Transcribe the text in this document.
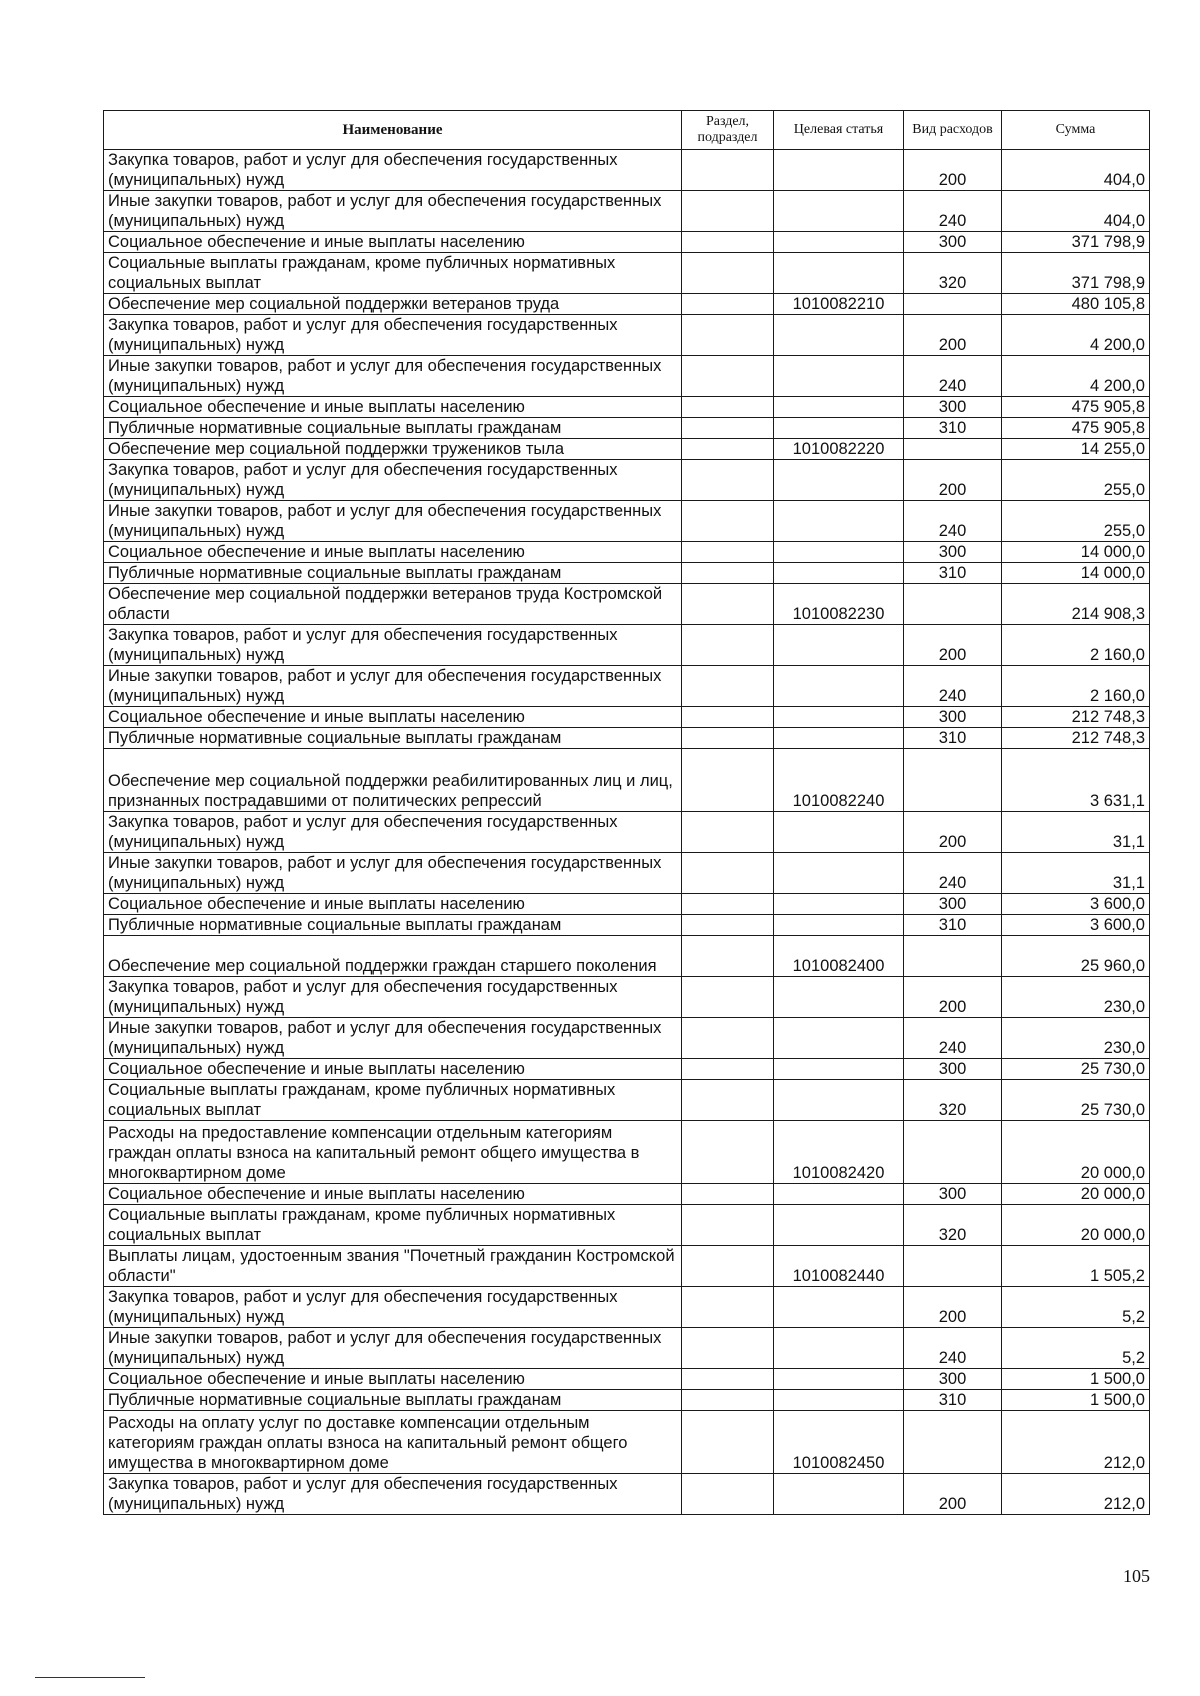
Наименование	Раздел, подраздел	Целевая статья	Вид расходов	Сумма
Закупка товаров, работ и услуг для обеспечения государственных (муниципальных) нужд			200	404,0
Иные закупки товаров, работ и услуг для обеспечения государственных (муниципальных) нужд			240	404,0
Социальное обеспечение и иные выплаты населению			300	371 798,9
Социальные выплаты гражданам, кроме публичных нормативных социальных выплат			320	371 798,9
Обеспечение мер социальной поддержки ветеранов труда		1010082210		480 105,8
Закупка товаров, работ и услуг для обеспечения государственных (муниципальных) нужд			200	4 200,0
Иные закупки товаров, работ и услуг для обеспечения государственных (муниципальных) нужд			240	4 200,0
Социальное обеспечение и иные выплаты населению			300	475 905,8
Публичные нормативные социальные выплаты гражданам			310	475 905,8
Обеспечение мер социальной поддержки тружеников тыла		1010082220		14 255,0
Закупка товаров, работ и услуг для обеспечения государственных (муниципальных) нужд			200	255,0
Иные закупки товаров, работ и услуг для обеспечения государственных (муниципальных) нужд			240	255,0
Социальное обеспечение и иные выплаты населению			300	14 000,0
Публичные нормативные социальные выплаты гражданам			310	14 000,0
Обеспечение мер социальной поддержки ветеранов труда Костромской области		1010082230		214 908,3
Закупка товаров, работ и услуг для обеспечения государственных (муниципальных) нужд			200	2 160,0
Иные закупки товаров, работ и услуг для обеспечения государственных (муниципальных) нужд			240	2 160,0
Социальное обеспечение и иные выплаты населению			300	212 748,3
Публичные нормативные социальные выплаты гражданам			310	212 748,3
Обеспечение мер социальной поддержки реабилитированных лиц и лиц, признанных пострадавшими от политических репрессий		1010082240		3 631,1
Закупка товаров, работ и услуг для обеспечения государственных (муниципальных) нужд			200	31,1
Иные закупки товаров, работ и услуг для обеспечения государственных (муниципальных) нужд			240	31,1
Социальное обеспечение и иные выплаты населению			300	3 600,0
Публичные нормативные социальные выплаты гражданам			310	3 600,0
Обеспечение мер социальной поддержки граждан старшего поколения		1010082400		25 960,0
Закупка товаров, работ и услуг для обеспечения государственных (муниципальных) нужд			200	230,0
Иные закупки товаров, работ и услуг для обеспечения государственных (муниципальных) нужд			240	230,0
Социальное обеспечение и иные выплаты населению			300	25 730,0
Социальные выплаты гражданам, кроме публичных нормативных социальных выплат			320	25 730,0
Расходы на предоставление компенсации отдельным категориям граждан оплаты взноса на капитальный ремонт общего имущества в многоквартирном доме		1010082420		20 000,0
Социальное обеспечение и иные выплаты населению			300	20 000,0
Социальные выплаты гражданам, кроме публичных нормативных социальных выплат			320	20 000,0
Выплаты лицам, удостоенным звания "Почетный гражданин Костромской области"		1010082440		1 505,2
Закупка товаров, работ и услуг для обеспечения государственных (муниципальных) нужд			200	5,2
Иные закупки товаров, работ и услуг для обеспечения государственных (муниципальных) нужд			240	5,2
Социальное обеспечение и иные выплаты населению			300	1 500,0
Публичные нормативные социальные выплаты гражданам			310	1 500,0
Расходы на оплату услуг по доставке компенсации отдельным категориям граждан оплаты взноса на капитальный ремонт общего имущества в многоквартирном доме		1010082450		212,0
Закупка товаров, работ и услуг для обеспечения государственных (муниципальных) нужд			200	212,0
105
